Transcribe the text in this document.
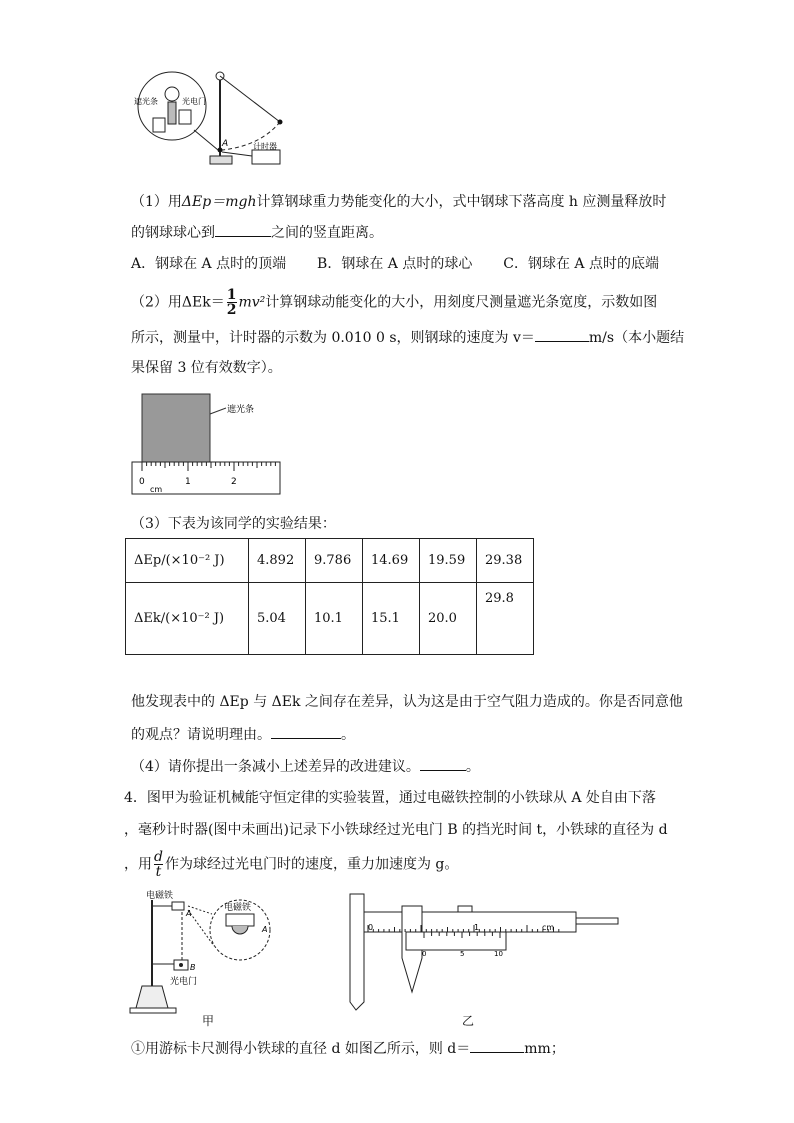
遮光条	光电门
A	计时器
（1）用ΔEp＝mgh计算钢球重力势能变化的大小，式中钢球下落高度 h 应测量释放时
的钢球球心到	之间的竖直距离。
A．钢球在 A 点时的顶端 B．钢球在 A 点时的球心 C．钢球在 A 点时的底端
（2）用$\Delta Ek= \frac{1}{2} mv^2$计算钢球动能变化的大小，用刻度尺测量遮光条宽度，示数如图
所示，测量中，计时器的示数为 0.010 0 s，则钢球的速度为 v＝	m/s（本小题结
果保留 3 位有效数字）。
遮光条
0	1	2
cm
（3）下表为该同学的实验结果：
ΔEp/(×10⁻² J)	4.892	9.786	14.69	19.59	29.38
ΔEk/(×10⁻² J)	5.04	10.1	15.1	20.0	29.8
他发现表中的 ΔEp 与 ΔEk 之间存在差异，认为这是由于空气阻力造成的。你是否同意他
的观点？请说明理由。	。
（4）请你提出一条减小上述差异的改进建议。	。
4．图甲为验证机械能守恒定律的实验装置，通过电磁铁控制的小铁球从 A 处自由下落
，毫秒计时器(图中未画出)记录下小铁球经过光电门 B 的挡光时间 t，小铁球的直径为 d
，用 $\frac{d}{t}$ 作为球经过光电门时的速度，重力加速度为 g。
电磁铁
A
电磁铁
A
B
光电门
甲
0	1	cm
0	5	10
乙
①用游标卡尺测得小铁球的直径 d 如图乙所示，则 d＝	mm；
